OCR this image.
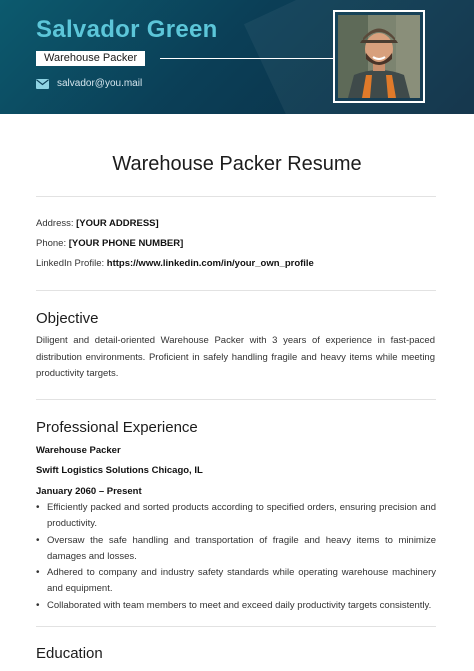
Salvador Green
Warehouse Packer
salvador@you.mail
Warehouse Packer Resume
Address: [YOUR ADDRESS]
Phone: [YOUR PHONE NUMBER]
LinkedIn Profile: https://www.linkedin.com/in/your_own_profile
Objective
Diligent and detail-oriented Warehouse Packer with 3 years of experience in fast-paced distribution environments. Proficient in safely handling fragile and heavy items while meeting productivity targets.
Professional Experience
Warehouse Packer
Swift Logistics Solutions Chicago, IL
January 2060 – Present
• Efficiently packed and sorted products according to specified orders, ensuring precision and productivity.
• Oversaw the safe handling and transportation of fragile and heavy items to minimize damages and losses.
• Adhered to company and industry safety standards while operating warehouse machinery and equipment.
• Collaborated with team members to meet and exceed daily productivity targets consistently.
Education
